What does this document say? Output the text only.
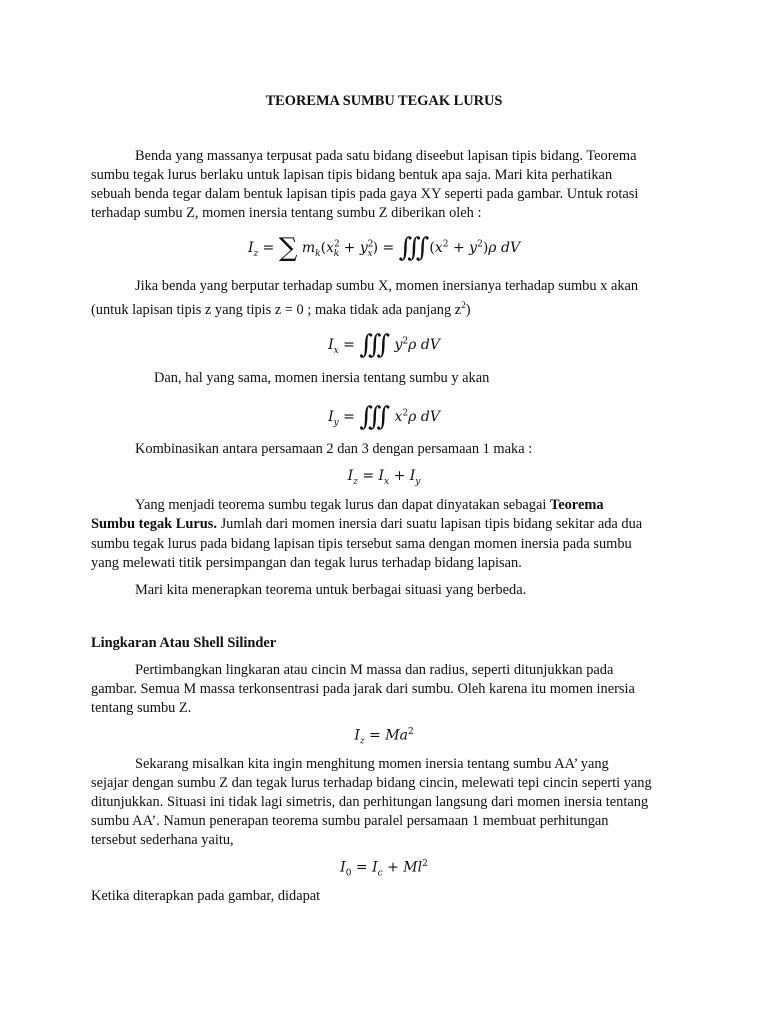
TEOREMA SUMBU TEGAK LURUS
Benda yang massanya terpusat pada satu bidang diseebut lapisan tipis bidang. Teorema
sumbu tegak lurus berlaku untuk lapisan tipis bidang bentuk apa saja. Mari kita perhatikan
sebuah benda tegar dalam bentuk lapisan tipis pada gaya XY seperti pada gambar. Untuk rotasi
terhadap sumbu Z, momen inersia tentang sumbu Z diberikan oleh :
$I_z$ = ∑ $m_k(x^2_k + y^2_x)$ = $∭(x^2 + y^2)\rho$ dV
Jika benda yang berputar terhadap sumbu X, momen inersianya terhadap sumbu x akan
(untuk lapisan tipis z yang tipis z = 0 ; maka tidak ada panjang $z^2$)
$I_x$ = ∭ $y^2\rho$ dV
Dan, hal yang sama, momen inersia tentang sumbu y akan
$I_y$ = ∭ $x^2\rho$ dV
Kombinasikan antara persamaan 2 dan 3 dengan persamaan 1 maka :
$I_z = I_x + I_y$
Yang menjadi teorema sumbu tegak lurus dan dapat dinyatakan sebagai Teorema
Sumbu tegak Lurus. Jumlah dari momen inersia dari suatu lapisan tipis bidang sekitar ada dua
sumbu tegak lurus pada bidang lapisan tipis tersebut sama dengan momen inersia pada sumbu
yang melewati titik persimpangan dan tegak lurus terhadap bidang lapisan.
Mari kita menerapkan teorema untuk berbagai situasi yang berbeda.
Lingkaran Atau Shell Silinder
Pertimbangkan lingkaran atau cincin M massa dan radius, seperti ditunjukkan pada
gambar. Semua M massa terkonsentrasi pada jarak dari sumbu. Oleh karena itu momen inersia
tentang sumbu Z.
$I_z = Ma^2$
Sekarang misalkan kita ingin menghitung momen inersia tentang sumbu AA’ yang
sejajar dengan sumbu Z dan tegak lurus terhadap bidang cincin, melewati tepi cincin seperti yang
ditunjukkan. Situasi ini tidak lagi simetris, dan perhitungan langsung dari momen inersia tentang
sumbu AA’. Namun penerapan teorema sumbu paralel persamaan 1 membuat perhitungan
tersebut sederhana yaitu,
$I_0 = I_c + Ml^2$
Ketika diterapkan pada gambar, didapat
